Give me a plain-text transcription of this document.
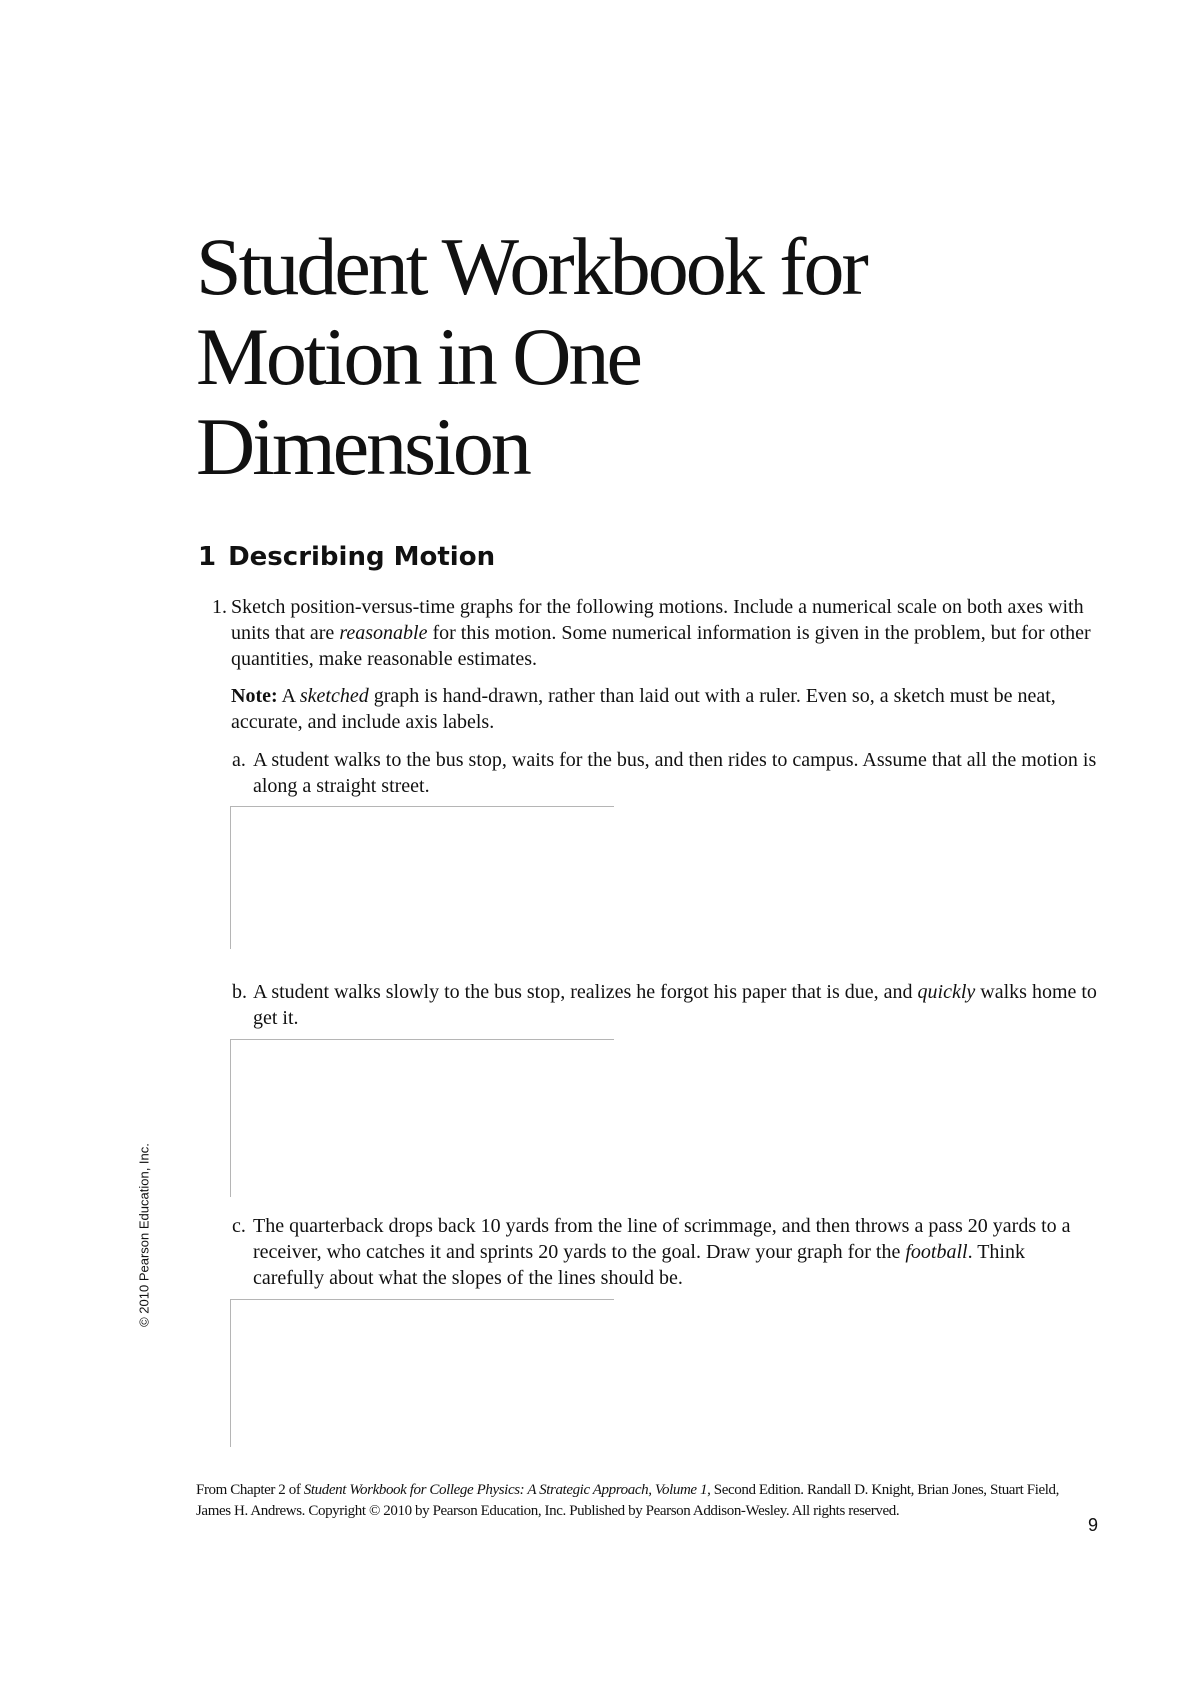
Student Workbook for
Motion in One
Dimension
1 Describing Motion

1. Sketch position-versus-time graphs for the following motions. Include a numerical scale on both axes with units that are reasonable for this motion. Some numerical information is given in the problem, but for other quantities, make reasonable estimates.

Note: A sketched graph is hand-drawn, rather than laid out with a ruler. Even so, a sketch must be neat, accurate, and include axis labels.

a. A student walks to the bus stop, waits for the bus, and then rides to campus. Assume that all the motion is along a straight street.

b. A student walks slowly to the bus stop, realizes he forgot his paper that is due, and quickly walks home to get it.

c. The quarterback drops back 10 yards from the line of scrimmage, and then throws a pass 20 yards to a receiver, who catches it and sprints 20 yards to the goal. Draw your graph for the football. Think carefully about what the slopes of the lines should be.

© 2010 Pearson Education, Inc.

From Chapter 2 of Student Workbook for College Physics: A Strategic Approach, Volume 1, Second Edition. Randall D. Knight, Brian Jones, Stuart Field, James H. Andrews. Copyright © 2010 by Pearson Education, Inc. Published by Pearson Addison-Wesley. All rights reserved.

9
